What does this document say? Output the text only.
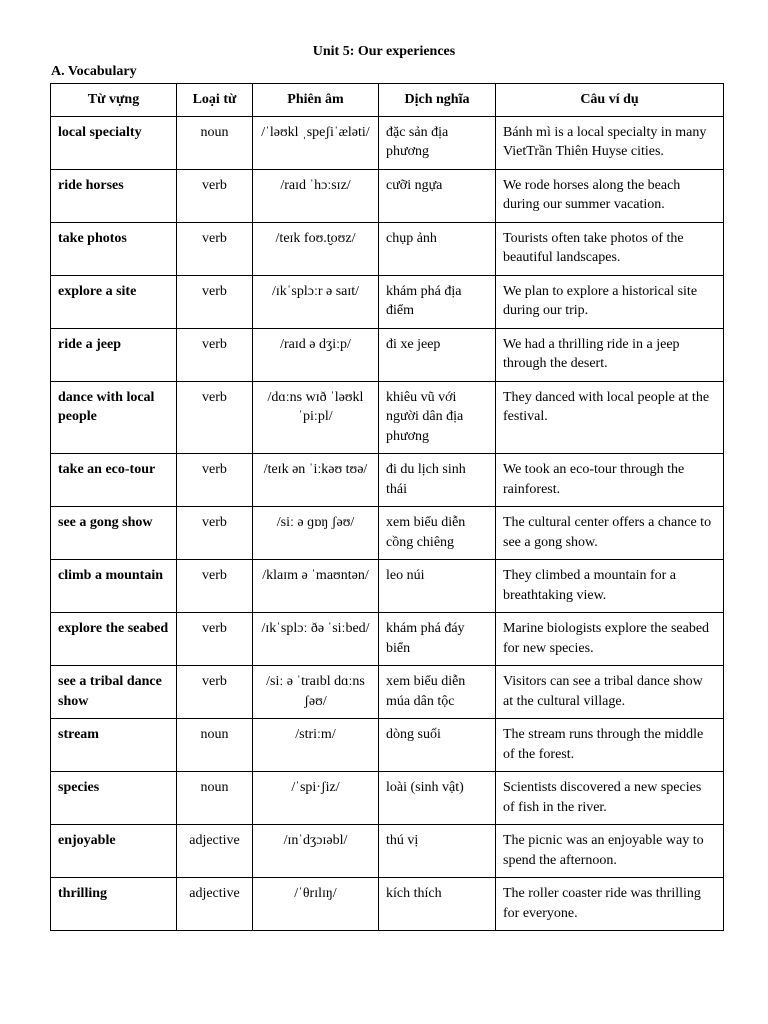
Unit 5: Our experiences
A. Vocabulary
Từ vựng	Loại từ	Phiên âm	Dịch nghĩa	Câu ví dụ
local specialty	noun	/ˈləʊkl ˌspeʃiˈæləti/	đặc sản địa phương	Bánh mì is a local specialty in many VietTrần Thiên Huyse cities.
ride horses	verb	/raɪd ˈhɔːsɪz/	cưỡi ngựa	We rode horses along the beach during our summer vacation.
take photos	verb	/teɪk foʊ.t̬oʊz/	chụp ảnh	Tourists often take photos of the beautiful landscapes.
explore a site	verb	/ɪkˈsplɔːr ə saɪt/	khám phá địa điểm	We plan to explore a historical site during our trip.
ride a jeep	verb	/raɪd ə dʒiːp/	đi xe jeep	We had a thrilling ride in a jeep through the desert.
dance with local people	verb	/dɑːns wɪð ˈləʊkl ˈpiːpl/	khiêu vũ với người dân địa phương	They danced with local people at the festival.
take an eco-tour	verb	/teɪk ən ˈiːkəʊ tʊə/	đi du lịch sinh thái	We took an eco-tour through the rainforest.
see a gong show	verb	/siː ə ɡɒŋ ʃəʊ/	xem biểu diễn cồng chiêng	The cultural center offers a chance to see a gong show.
climb a mountain	verb	/klaɪm ə ˈmaʊntən/	leo núi	They climbed a mountain for a breathtaking view.
explore the seabed	verb	/ɪkˈsplɔː ðə ˈsiːbed/	khám phá đáy biển	Marine biologists explore the seabed for new species.
see a tribal dance show	verb	/siː ə ˈtraɪbl dɑːns ʃəʊ/	xem biểu diễn múa dân tộc	Visitors can see a tribal dance show at the cultural village.
stream	noun	/striːm/	dòng suối	The stream runs through the middle of the forest.
species	noun	/ˈspi·ʃiz/	loài (sinh vật)	Scientists discovered a new species of fish in the river.
enjoyable	adjective	/ɪnˈdʒɔɪəbl/	thú vị	The picnic was an enjoyable way to spend the afternoon.
thrilling	adjective	/ˈθrɪlɪŋ/	kích thích	The roller coaster ride was thrilling for everyone.
